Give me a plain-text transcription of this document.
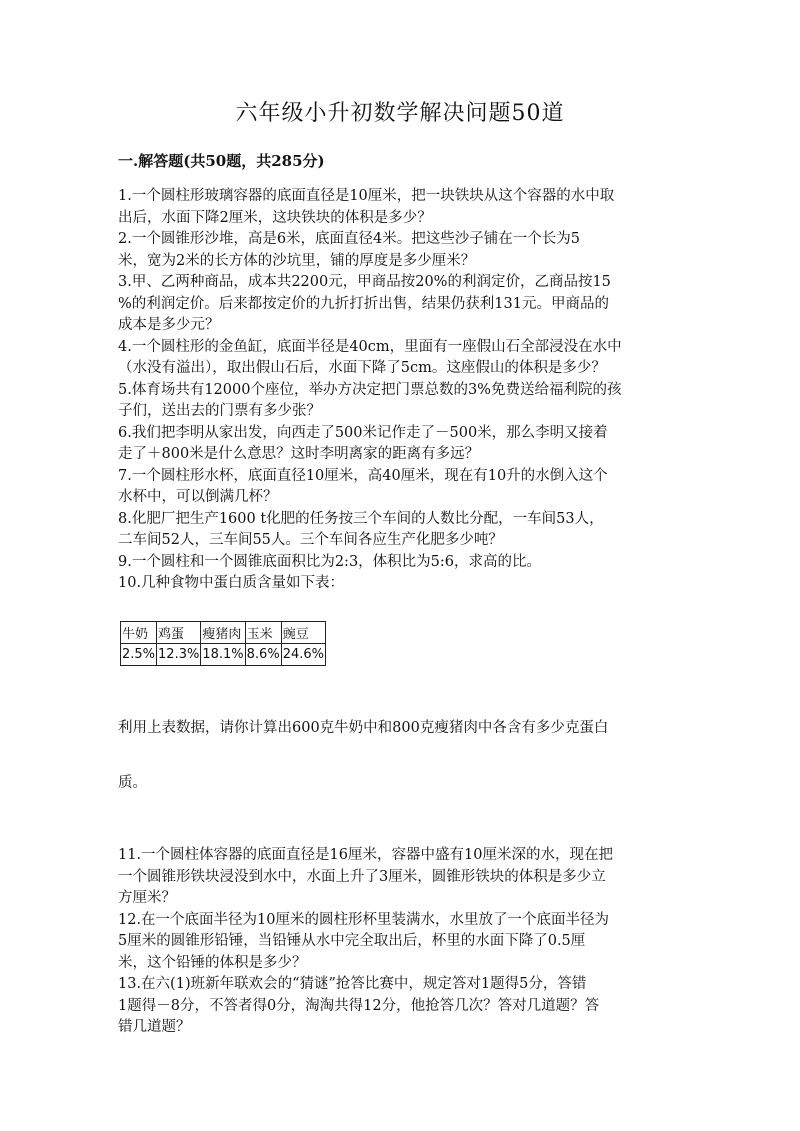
六年级小升初数学解决问题50道
一.解答题(共50题，共285分)

1.一个圆柱形玻璃容器的底面直径是10厘米，把一块铁块从这个容器的水中取

出后，水面下降2厘米，这块铁块的体积是多少？

2.一个圆锥形沙堆，高是6米，底面直径4米。把这些沙子铺在一个长为5

米，宽为2米的长方体的沙坑里，铺的厚度是多少厘米？

3.甲、乙两种商品，成本共2200元，甲商品按20%的利润定价，乙商品按15

%的利润定价。后来都按定价的九折打折出售，结果仍获利131元。甲商品的

成本是多少元？

4.一个圆柱形的金鱼缸，底面半径是40cm，里面有一座假山石全部浸没在水中

（水没有溢出），取出假山石后，水面下降了5cm。这座假山的体积是多少？

5.体育场共有12000个座位，举办方决定把门票总数的3%免费送给福利院的孩

子们，送出去的门票有多少张？

6.我们把李明从家出发，向西走了500米记作走了－500米，那么李明又接着

走了＋800米是什么意思？这时李明离家的距离有多远？

7.一个圆柱形水杯，底面直径10厘米，高40厘米，现在有10升的水倒入这个

水杯中，可以倒满几杯？

8.化肥厂把生产1600 t化肥的任务按三个车间的人数比分配，一车间53人，

二车间52人，三车间55人。三个车间各应生产化肥多少吨？

9.一个圆柱和一个圆锥底面积比为2:3，体积比为5:6，求高的比。

10.几种食物中蛋白质含量如下表：

牛奶	鸡蛋	瘦猪肉	玉米	豌豆
2.5%	12.3%	18.1%	8.6%	24.6%
利用上表数据，请你计算出600克牛奶中和800克瘦猪肉中各含有多少克蛋白
质。

11.一个圆柱体容器的底面直径是16厘米，容器中盛有10厘米深的水，现在把

一个圆锥形铁块浸没到水中，水面上升了3厘米，圆锥形铁块的体积是多少立

方厘米？

12.在一个底面半径为10厘米的圆柱形杯里装满水，水里放了一个底面半径为

5厘米的圆锥形铅锤，当铅锤从水中完全取出后，杯里的水面下降了0.5厘

米，这个铅锤的体积是多少？

13.在六(1)班新年联欢会的“猜谜”抢答比赛中，规定答对1题得5分，答错

1题得－8分，不答者得0分，淘淘共得12分，他抢答几次？答对几道题？答

错几道题？
